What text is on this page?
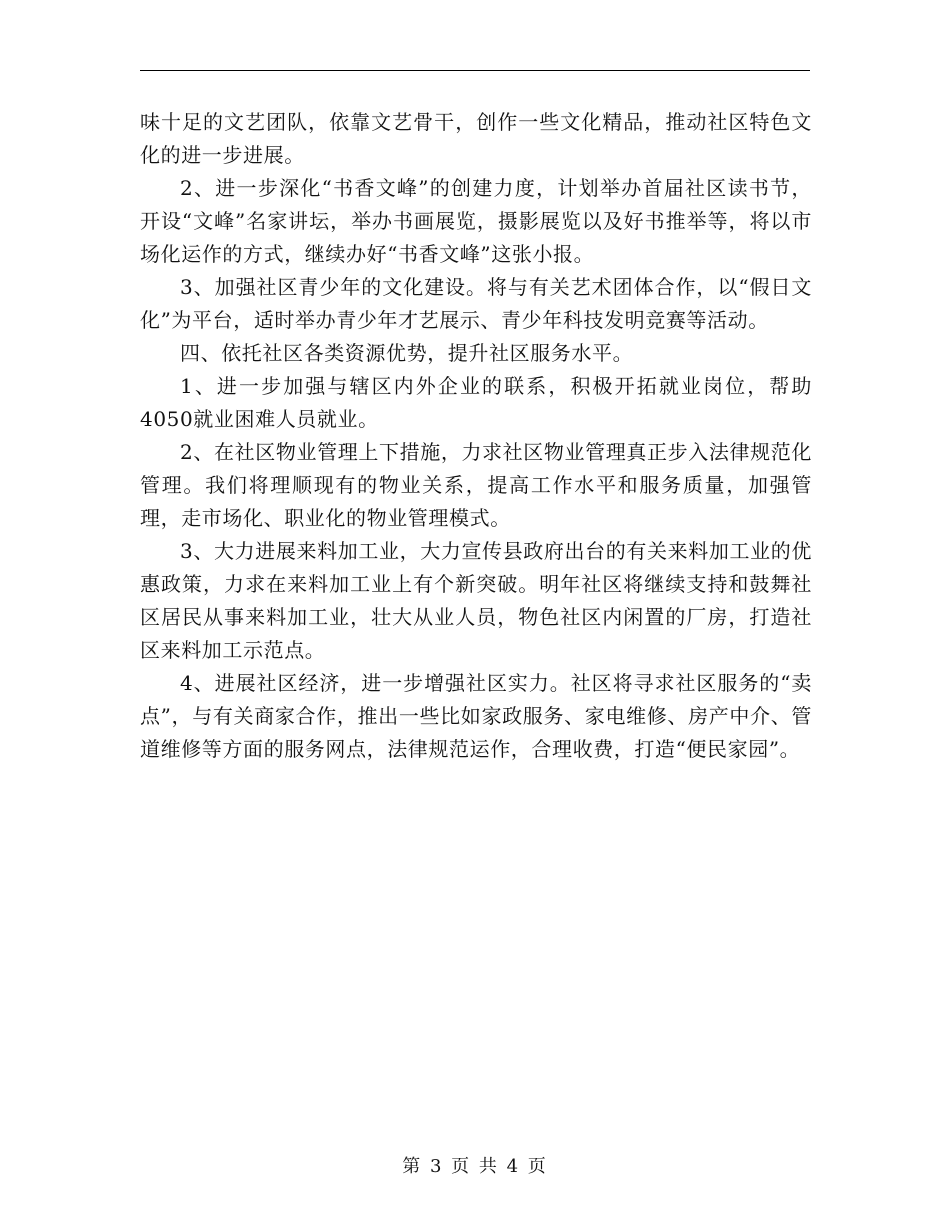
味十足的文艺团队，依靠文艺骨干，创作一些文化精品，推动社区特色文化的进一步进展。

2、进一步深化“书香文峰”的创建力度，计划举办首届社区读书节，开设“文峰”名家讲坛，举办书画展览，摄影展览以及好书推举等，将以市场化运作的方式，继续办好“书香文峰”这张小报。

3、加强社区青少年的文化建设。将与有关艺术团体合作，以“假日文化”为平台，适时举办青少年才艺展示、青少年科技发明竞赛等活动。

四、依托社区各类资源优势，提升社区服务水平。

1、进一步加强与辖区内外企业的联系，积极开拓就业岗位，帮助4050就业困难人员就业。

2、在社区物业管理上下措施，力求社区物业管理真正步入法律规范化管理。我们将理顺现有的物业关系，提高工作水平和服务质量，加强管理，走市场化、职业化的物业管理模式。

3、大力进展来料加工业，大力宣传县政府出台的有关来料加工业的优惠政策，力求在来料加工业上有个新突破。明年社区将继续支持和鼓舞社区居民从事来料加工业，壮大从业人员，物色社区内闲置的厂房，打造社区来料加工示范点。

4、进展社区经济，进一步增强社区实力。社区将寻求社区服务的“卖点”，与有关商家合作，推出一些比如家政服务、家电维修、房产中介、管道维修等方面的服务网点，法律规范运作，合理收费，打造“便民家园”。

第 3 页 共 4 页
